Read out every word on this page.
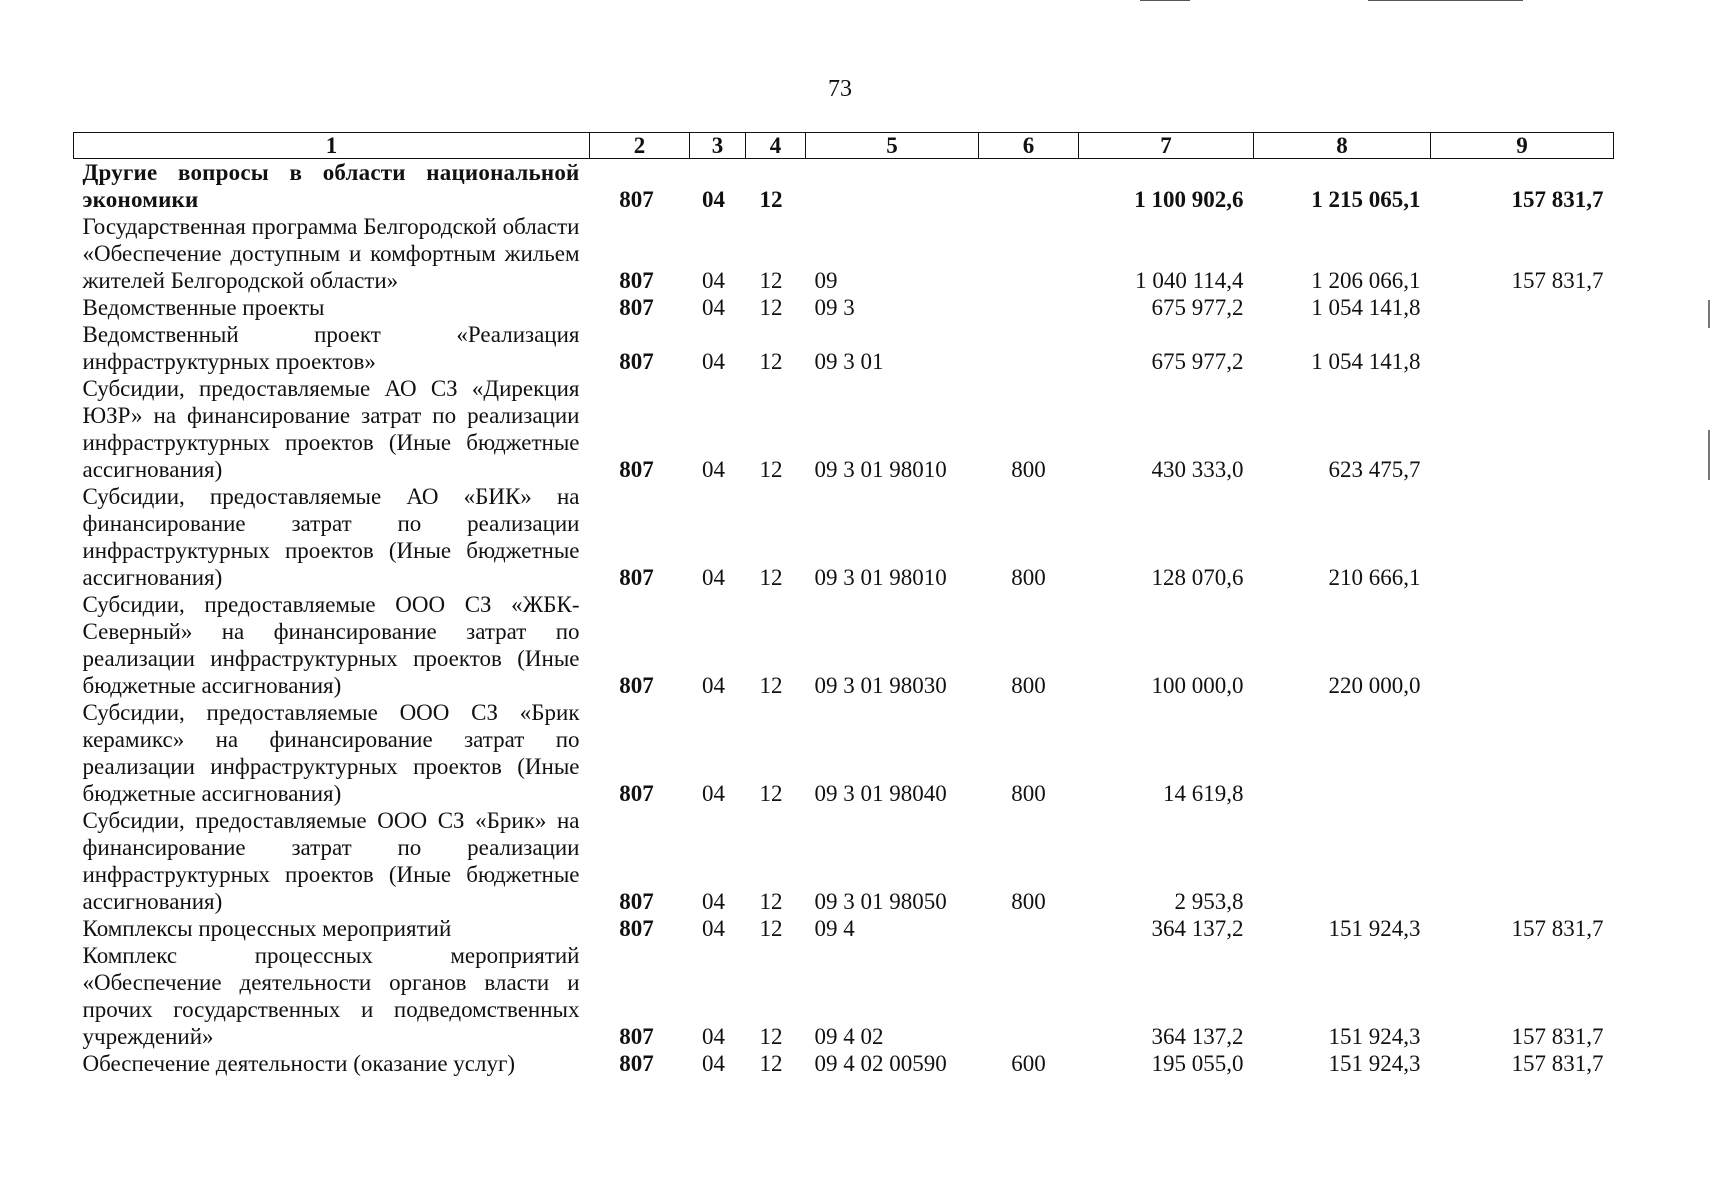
73
1	2	3	4	5	6	7	8	9
Другие вопросы в области национальной экономики	807	04	12			1 100 902,6	1 215 065,1	157 831,7
Государственная программа Белгородской области «Обеспечение доступным и комфортным жильем жителей Белгородской области»	807	04	12	09		1 040 114,4	1 206 066,1	157 831,7
Ведомственные проекты	807	04	12	09 3		675 977,2	1 054 141,8	
Ведомственный проект «Реализация инфраструктурных проектов»	807	04	12	09 3 01		675 977,2	1 054 141,8	
Субсидии, предоставляемые АО СЗ «Дирекция ЮЗР» на финансирование затрат по реализации инфраструктурных проектов (Иные бюджетные ассигнования)	807	04	12	09 3 01 98010	800	430 333,0	623 475,7	
Субсидии, предоставляемые АО «БИК» на финансирование затрат по реализации инфраструктурных проектов (Иные бюджетные ассигнования)	807	04	12	09 3 01 98010	800	128 070,6	210 666,1	
Субсидии, предоставляемые ООО СЗ «ЖБК-Северный» на финансирование затрат по реализации инфраструктурных проектов (Иные бюджетные ассигнования)	807	04	12	09 3 01 98030	800	100 000,0	220 000,0	
Субсидии, предоставляемые ООО СЗ «Брик керамикс» на финансирование затрат по реализации инфраструктурных проектов (Иные бюджетные ассигнования)	807	04	12	09 3 01 98040	800	14 619,8		
Субсидии, предоставляемые ООО СЗ «Брик» на финансирование затрат по реализации инфраструктурных проектов (Иные бюджетные ассигнования)	807	04	12	09 3 01 98050	800	2 953,8		
Комплексы процессных мероприятий	807	04	12	09 4		364 137,2	151 924,3	157 831,7
Комплекс процессных мероприятий «Обеспечение деятельности органов власти и прочих государственных и подведомственных учреждений»	807	04	12	09 4 02		364 137,2	151 924,3	157 831,7
Обеспечение деятельности (оказание услуг)	807	04	12	09 4 02 00590	600	195 055,0	151 924,3	157 831,7
